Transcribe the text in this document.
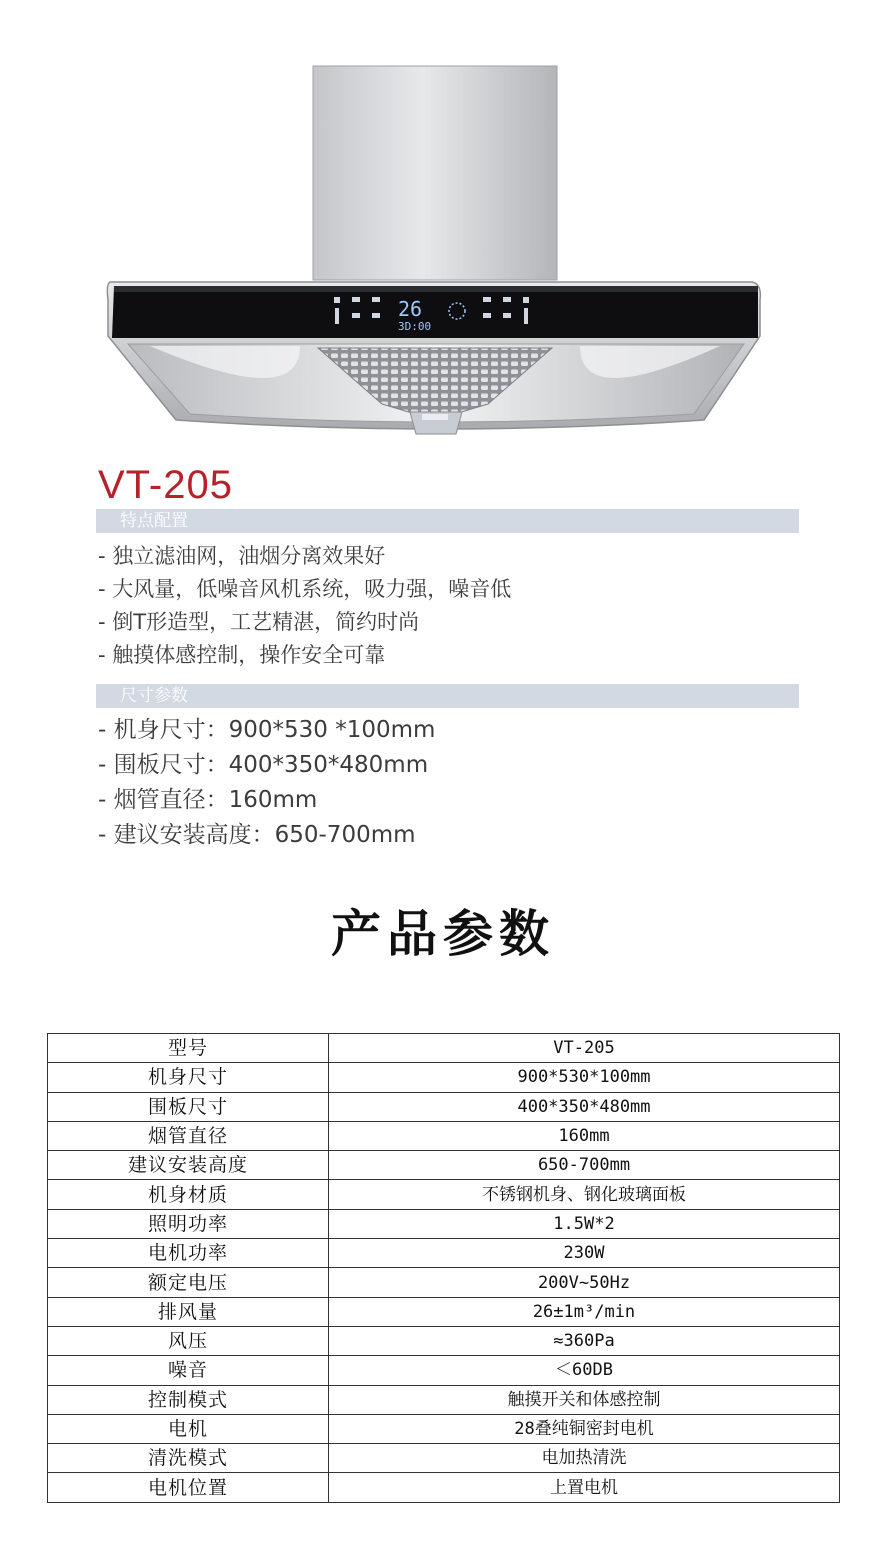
26
3D:00
VT-205
特点配置
- 独立滤油网，油烟分离效果好
- 大风量，低噪音风机系统，吸力强，噪音低
- 倒T形造型，工艺精湛，简约时尚
- 触摸体感控制，操作安全可靠
尺寸参数
- 机身尺寸：900*530 *100mm
- 围板尺寸：400*350*480mm
- 烟管直径：160mm
- 建议安装高度：650-700mm
产品参数
型号	VT-205
机身尺寸	900*530*100mm
围板尺寸	400*350*480mm
烟管直径	160mm
建议安装高度	650-700mm
机身材质	不锈钢机身、钢化玻璃面板
照明功率	1.5W*2
电机功率	230W
额定电压	200V~50Hz
排风量	26±1m³/min
风压	≈360Pa
噪音	＜60DB
控制模式	触摸开关和体感控制
电机	28叠纯铜密封电机
清洗模式	电加热清洗
电机位置	上置电机
